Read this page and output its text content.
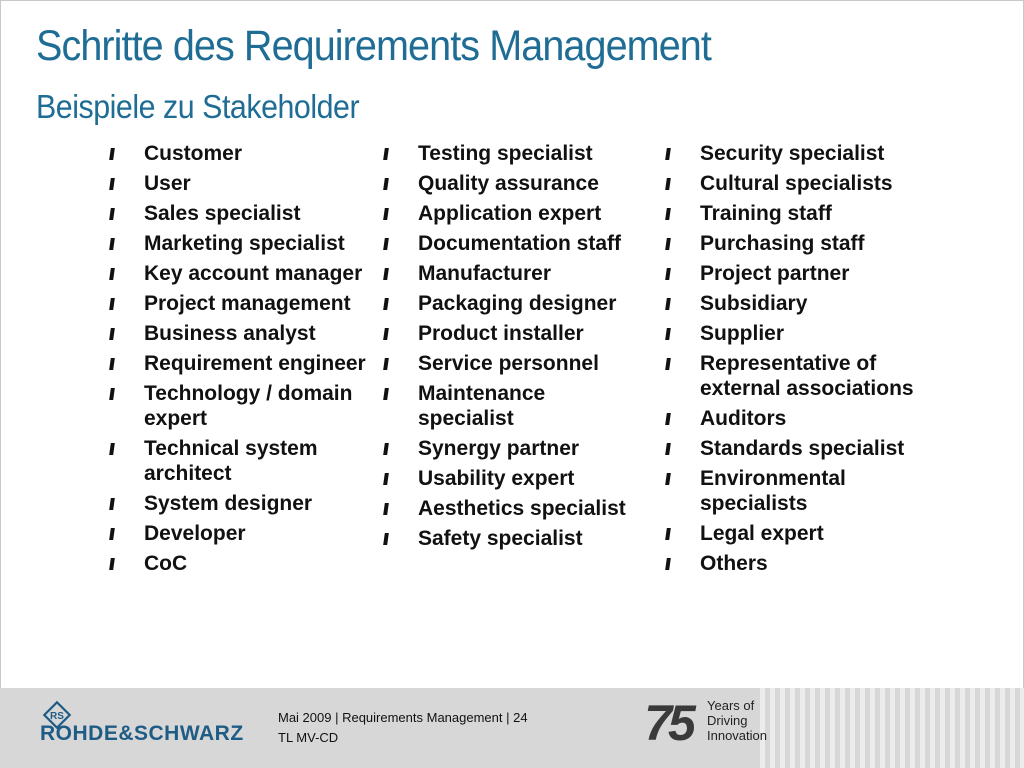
Schritte des Requirements Management
Beispiele zu Stakeholder
Customer
User
Sales specialist
Marketing specialist
Key account manager
Project management
Business analyst
Requirement engineer
Technology / domain expert
Technical system architect
System designer
Developer
CoC
Testing specialist
Quality assurance
Application expert
Documentation staff
Manufacturer
Packaging designer
Product installer
Service personnel
Maintenance specialist
Synergy partner
Usability expert
Aesthetics specialist
Safety specialist
Security specialist
Cultural specialists
Training staff
Purchasing staff
Project partner
Subsidiary
Supplier
Representative of external associations
Auditors
Standards specialist
Environmental specialists
Legal expert
Others
RS
ROHDE&SCHWARZ
Mai 2009 | Requirements Management | 24
TL MV-CD	75	Years of
Driving
Innovation
